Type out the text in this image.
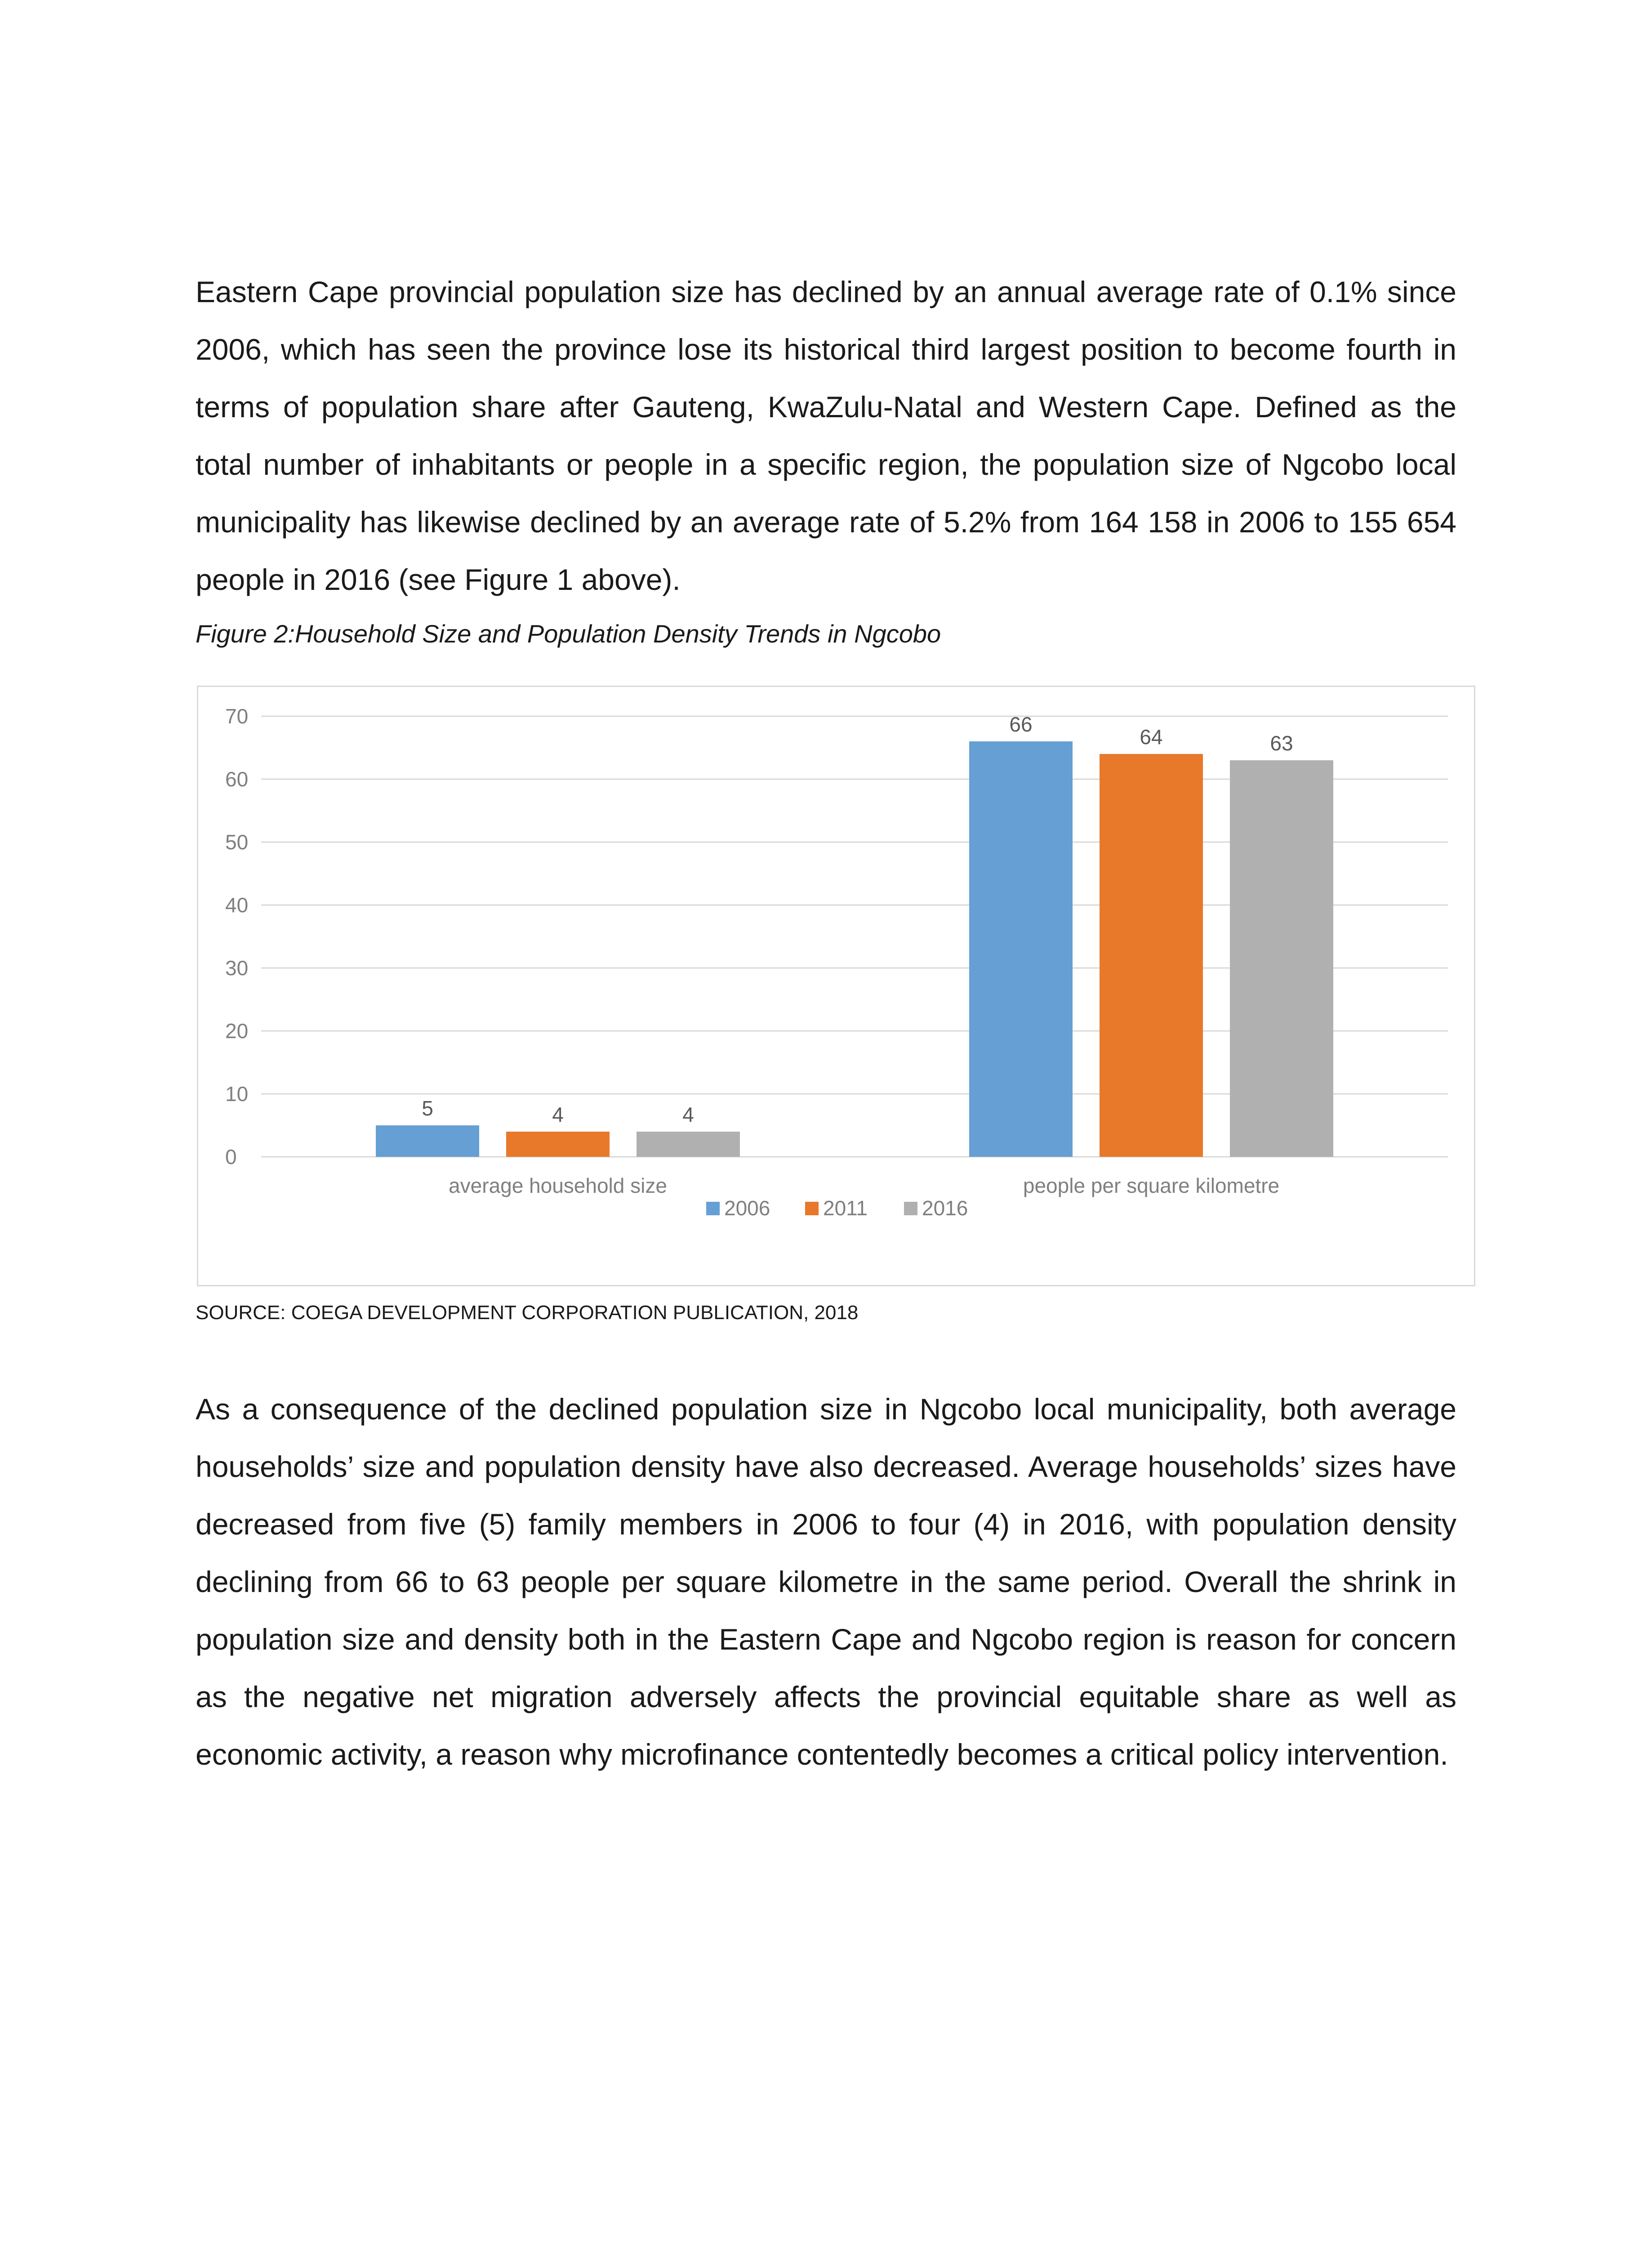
Eastern Cape provincial population size has declined by an annual average rate of 0.1% since 2006, which has seen the province lose its historical third largest position to become fourth in terms of population share after Gauteng, KwaZulu-Natal and Western Cape. Defined as the total number of inhabitants or people in a specific region, the population size of Ngcobo local municipality has likewise declined by an average rate of 5.2% from 164 158 in 2006 to 155 654 people in 2016 (see Figure 1 above).

Figure 2:Household Size and Population Density Trends in Ngcobo

0
10
20
30
40
50
60
70
5	4	4
average household size
66
64	63
people per square kilometre
2006	2011	2016

SOURCE: COEGA DEVELOPMENT CORPORATION PUBLICATION, 2018

As a consequence of the declined population size in Ngcobo local municipality, both average households’ size and population density have also decreased. Average households’ sizes have decreased from five (5) family members in 2006 to four (4) in 2016, with population density declining from 66 to 63 people per square kilometre in the same period. Overall the shrink in population size and density both in the Eastern Cape and Ngcobo region is reason for concern as the negative net migration adversely affects the provincial equitable share as well as economic activity, a reason why microfinance contentedly becomes a critical policy intervention.
